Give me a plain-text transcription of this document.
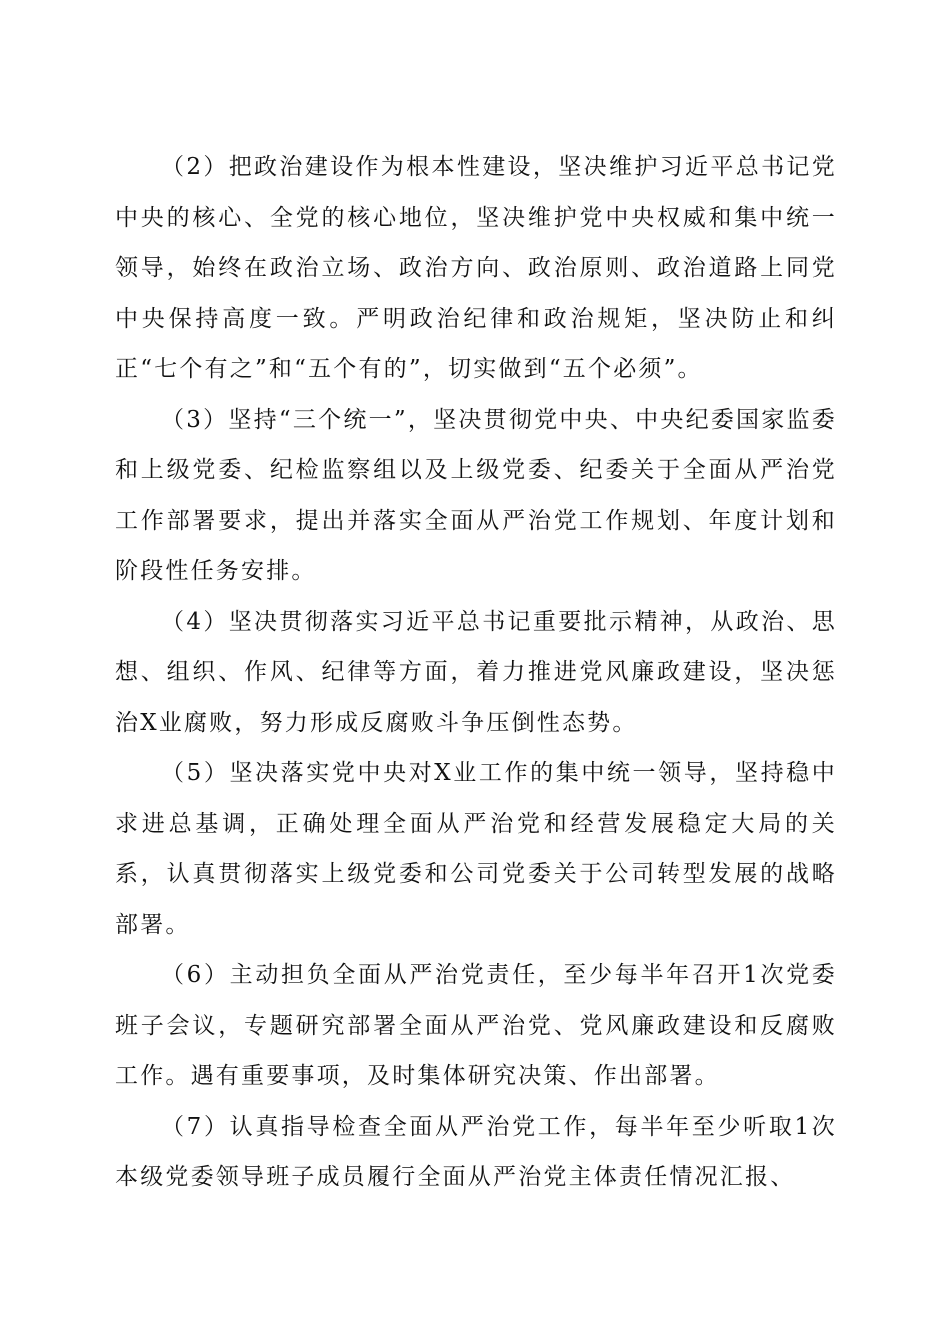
（2）把政治建设作为根本性建设，坚决维护习近平总书记党中央的核心、全党的核心地位，坚决维护党中央权威和集中统一领导，始终在政治立场、政治方向、政治原则、政治道路上同党中央保持高度一致。严明政治纪律和政治规矩，坚决防止和纠正“七个有之”和“五个有的”，切实做到“五个必须”。

（3）坚持“三个统一”，坚决贯彻党中央、中央纪委国家监委和上级党委、纪检监察组以及上级党委、纪委关于全面从严治党工作部署要求，提出并落实全面从严治党工作规划、年度计划和阶段性任务安排。

（4）坚决贯彻落实习近平总书记重要批示精神，从政治、思想、组织、作风、纪律等方面，着力推进党风廉政建设，坚决惩治X业腐败，努力形成反腐败斗争压倒性态势。

（5）坚决落实党中央对X业工作的集中统一领导，坚持稳中求进总基调，正确处理全面从严治党和经营发展稳定大局的关系，认真贯彻落实上级党委和公司党委关于公司转型发展的战略部署。

（6）主动担负全面从严治党责任，至少每半年召开1次党委班子会议，专题研究部署全面从严治党、党风廉政建设和反腐败工作。遇有重要事项，及时集体研究决策、作出部署。

（7）认真指导检查全面从严治党工作，每半年至少听取1次本级党委领导班子成员履行全面从严治党主体责任情况汇报、
